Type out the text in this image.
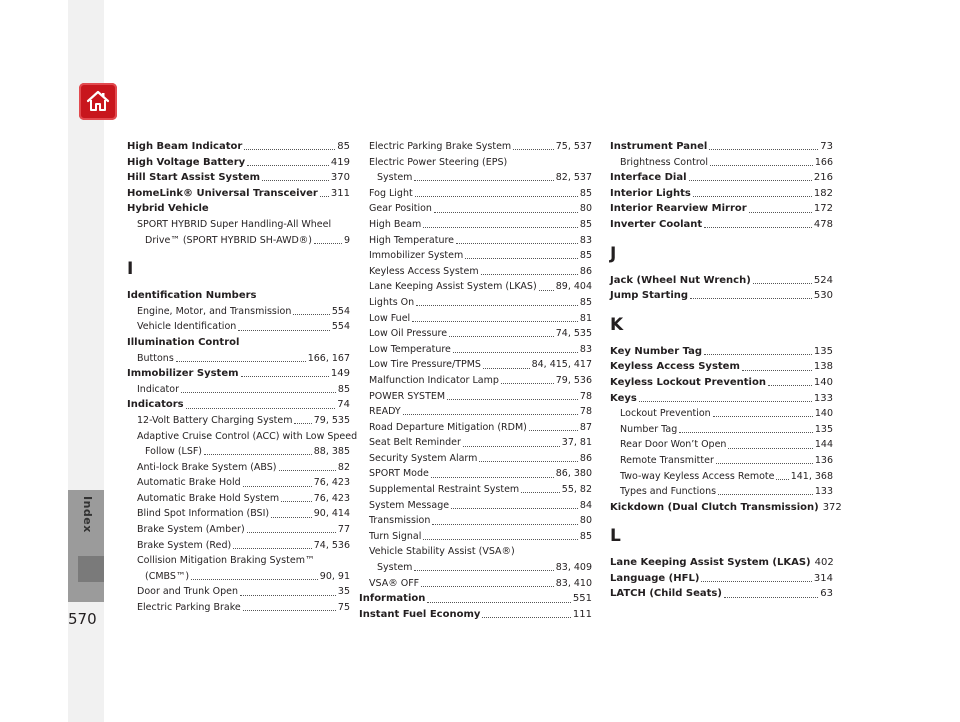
Index
570
High Beam Indicator	85
High Voltage Battery	419
Hill Start Assist System	370
HomeLink® Universal Transceiver 311
Hybrid Vehicle
SPORT HYBRID Super Handling-All Wheel
Drive™ (SPORT HYBRID SH-AWD®)	9
I
Identification Numbers
Engine, Motor, and Transmission	554
Vehicle Identification	554
Illumination Control
Buttons	166, 167
Immobilizer System	149
Indicator	85
Indicators	74
12-Volt Battery Charging System 79, 535
Adaptive Cruise Control (ACC) with Low Speed
Follow (LSF)	88, 385
Anti-lock Brake System (ABS)	82
Automatic Brake Hold	76, 423
Automatic Brake Hold System	76, 423
Blind Spot Information (BSI)	90, 414
Brake System (Amber)	77
Brake System (Red)	74, 536
Collision Mitigation Braking System™
(CMBS™)	90, 91
Door and Trunk Open	35
Electric Parking Brake	75
Electric Parking Brake System	75, 537
Electric Power Steering (EPS)
System	82, 537
Fog Light	85
Gear Position	80
High Beam	85
High Temperature	83
Immobilizer System	85
Keyless Access System	86
Lane Keeping Assist System (LKAS) 89, 404
Lights On	85
Low Fuel	81
Low Oil Pressure	74, 535
Low Temperature	83
Low Tire Pressure/TPMS	84, 415, 417
Malfunction Indicator Lamp	79, 536
POWER SYSTEM	78
READY	78
Road Departure Mitigation (RDM)	87
Seat Belt Reminder	37, 81
Security System Alarm	86
SPORT Mode	86, 380
Supplemental Restraint System	55, 82
System Message	84
Transmission	80
Turn Signal	85
Vehicle Stability Assist (VSA®)
System	83, 409
VSA® OFF	83, 410
Information	551
Instant Fuel Economy	111
Instrument Panel	73
Brightness Control	166
Interface Dial	216
Interior Lights	182
Interior Rearview Mirror	172
Inverter Coolant	478
J
Jack (Wheel Nut Wrench)	524
Jump Starting	530
K
Key Number Tag	135
Keyless Access System	138
Keyless Lockout Prevention	140
Keys	133
Lockout Prevention	140
Number Tag	135
Rear Door Won’t Open	144
Remote Transmitter	136
Two-way Keyless Access Remote 141, 368
Types and Functions	133
Kickdown (Dual Clutch Transmission) 372
L
Lane Keeping Assist System (LKAS) 402
Language (HFL)	314
LATCH (Child Seats)	63
